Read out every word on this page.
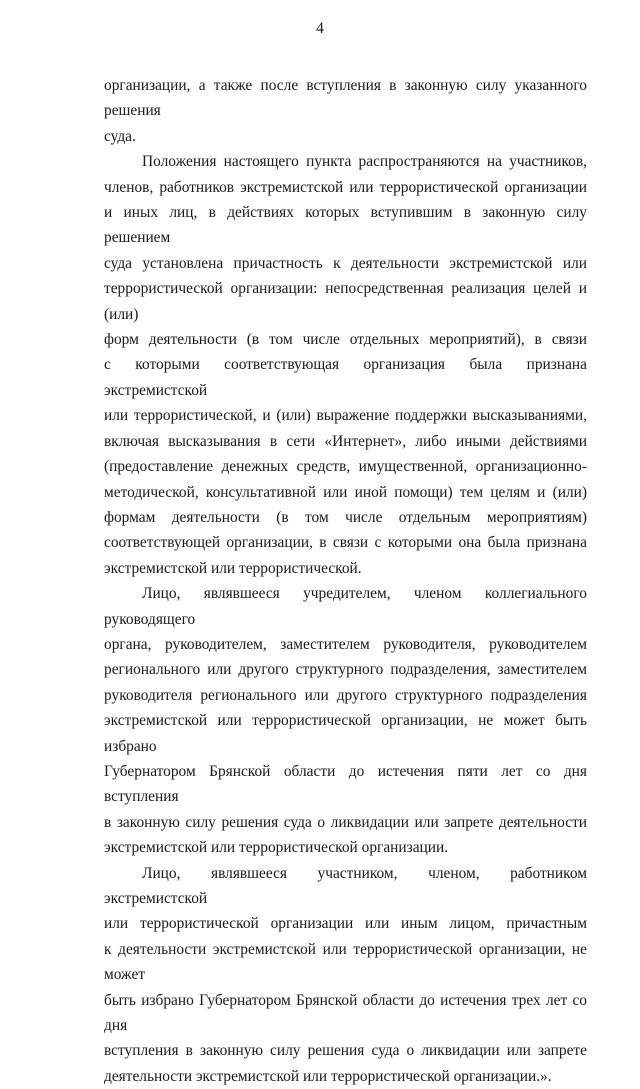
4
организации, а также после вступления в законную силу указанного решения
суда.
Положения настоящего пункта распространяются на участников,
членов, работников экстремистской или террористической организации
и иных лиц, в действиях которых вступившим в законную силу решением
суда установлена причастность к деятельности экстремистской или
террористической организации: непосредственная реализация целей и (или)
форм деятельности (в том числе отдельных мероприятий), в связи
с которыми соответствующая организация была признана экстремистской
или террористической, и (или) выражение поддержки высказываниями,
включая высказывания в сети «Интернет», либо иными действиями
(предоставление денежных средств, имущественной, организационно-
методической, консультативной или иной помощи) тем целям и (или)
формам деятельности (в том числе отдельным мероприятиям)
соответствующей организации, в связи с которыми она была признана
экстремистской или террористической.
Лицо, являвшееся учредителем, членом коллегиального руководящего
органа, руководителем, заместителем руководителя, руководителем
регионального или другого структурного подразделения, заместителем
руководителя регионального или другого структурного подразделения
экстремистской или террористической организации, не может быть избрано
Губернатором Брянской области до истечения пяти лет со дня вступления
в законную силу решения суда о ликвидации или запрете деятельности
экстремистской или террористической организации.
Лицо, являвшееся участником, членом, работником экстремистской
или террористической организации или иным лицом, причастным
к деятельности экстремистской или террористической организации, не может
быть избрано Губернатором Брянской области до истечения трех лет со дня
вступления в законную силу решения суда о ликвидации или запрете
деятельности экстремистской или террористической организации.».
